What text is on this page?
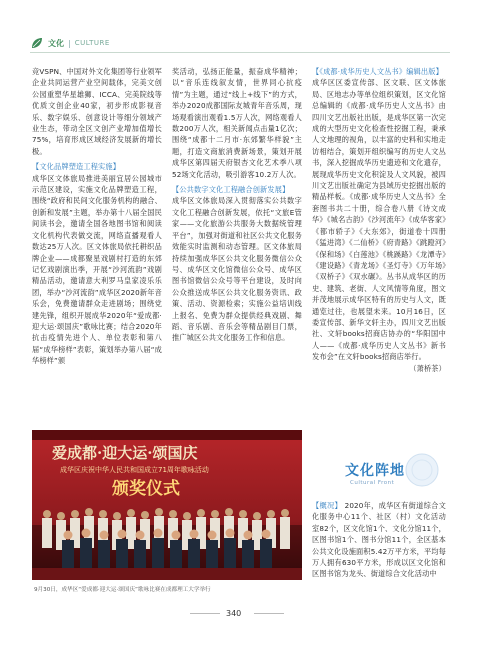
文化 | CULTURE

竞VSPN、中国对外文化集团等行业领军企业共同运营产业空间载体，完美文创公园重塑华星雄狮、ICCA、完美院线等优质文创企业40家，初步形成影视音乐、数字娱乐、创意设计等细分领域产业生态，带动全区文创产业增加值增长75%，培育形成区域经济发展新的增长极。

【文化品牌塑造工程实施】

成华区文体旅局推进美丽宜居公园城市示范区建设，实施文化品牌塑造工程，围绕“政府和民间文化服务机构的融合、创新和发展”主题，举办第十八届全国民间读书会，邀请全国各地图书馆和阅读文化机构代表做交流，网络直播观看人数达25万人次。区文体旅局依托耕织品牌企业——成都聚星戏剧村打造的东郊记忆戏剧演出季，开展“沙河流韵”戏剧精品活动，邀请意大利罗马皇家凌乐乐团，举办“沙河流韵”成华区2020新年音乐会，免费邀请群众走进剧场；围绕党建先锋，组织开展成华2020年“爱成都·迎大运·颂国庆”歌咏比赛；结合2020年抗击疫情先进个人、单位表彰和第八届“成华榜样”表彰，策划举办第八届“成华榜样”颁

奖活动，弘扬正能量，振奋成华精神；以“音乐连线叙友情，世界同心抗疫情”为主题，通过“线上+线下”的方式，举办2020成都国际友城青年音乐周，现场观看演出观看1.5万人次，网络观看人数200万人次，相关新闻点击量1亿次；围绕“成都十二月市·东郊繁华样貌”主题，打造文商旅消费新场景，策划开展成华区第四届天府银杏文化艺术季八项52场文化活动，吸引游客10.2万人次。

【公共数字文化工程融合创新发展】

成华区文体旅局深入贯彻落实公共数字文化工程融合创新发展，依托“文旅E管家——文化旅游公共服务大数据统管理平台”，加强对街道和社区公共文化服务效能实时监测和动态管理。区文体旅局持续加强成华区公共文化服务微信公众号、成华区文化馆微信公众号、成华区图书馆微信公众号等平台建设，及时向公众推送成华区公共文化服务资讯、政策、活动、资源检索；实施公益培训线上报名、免费为群众提供经典戏剧、舞蹈、音乐剧、音乐会等精品剧目门票，推广城区公共文化服务工作和信息。

【《成都·成华历史人文丛书》编辑出版】

成华区区委宣传部、区文联、区文体旅局、区地志办等单位组织策划，区文化馆总编辑的《成都·成华历史人文丛书》由四川文艺出版社出版，是成华区第一次完成的大型历史文化检查性挖掘工程，秉承人文地理的视角，以丰富的史料和实地走访相结合，策划开组织编写的历史人文丛书，深入挖掘成华历史遗迹和文化遗存，展现成华历史文化积淀及人文风貌，被四川文艺出版社确定为县域历史挖掘出版的精品样板。《成都·成华历史人文丛书》全套图书共二十册，综合卷八册《诗文成华》《城名古韵》《沙河流年》《成华客家》《都市轿子》《大东郊》，街道卷十四册《猛进湾》《二仙桥》《府青路》《跳蹬河》《保和场》《白莲池》《桃蹊路》《龙潭寺》《建设路》《青龙场》《圣灯寺》《万年场》《双桥子》《双水碾》。丛书从成华区的历史、建筑、老街、人文风情等角度，图文并茂地展示成华区特有的历史与人文，既通览过往，也展望未来。10月16日，区委宣传部、新华文轩主办，四川文艺出版社、文轩books招商店协办的“华阳国中人——《成都·成华历史人文丛书》新书发布会”在文轩books招商店举行。

（萧桥茶）

爱成都·迎大运·颂国庆
成华区庆祝中华人民共和国成立71周年歌咏活动
颁奖仪式
9月30日，成华区“爱成都·迎大运·颂国庆”歌咏比赛在成都理工大学举行
文化阵地
Cultural Front
【概况】 2020年，成华区有街道综合文化服务中心11个、社区（村）文化活动室82个，区文化馆1个、文化分馆11个，区图书馆1个、图书分馆11个，全区基本公共文化设施面积5.42万平方米，平均每万人拥有630平方米，形成以区文化馆和区图书馆为龙头、街道综合文化活动中
340
